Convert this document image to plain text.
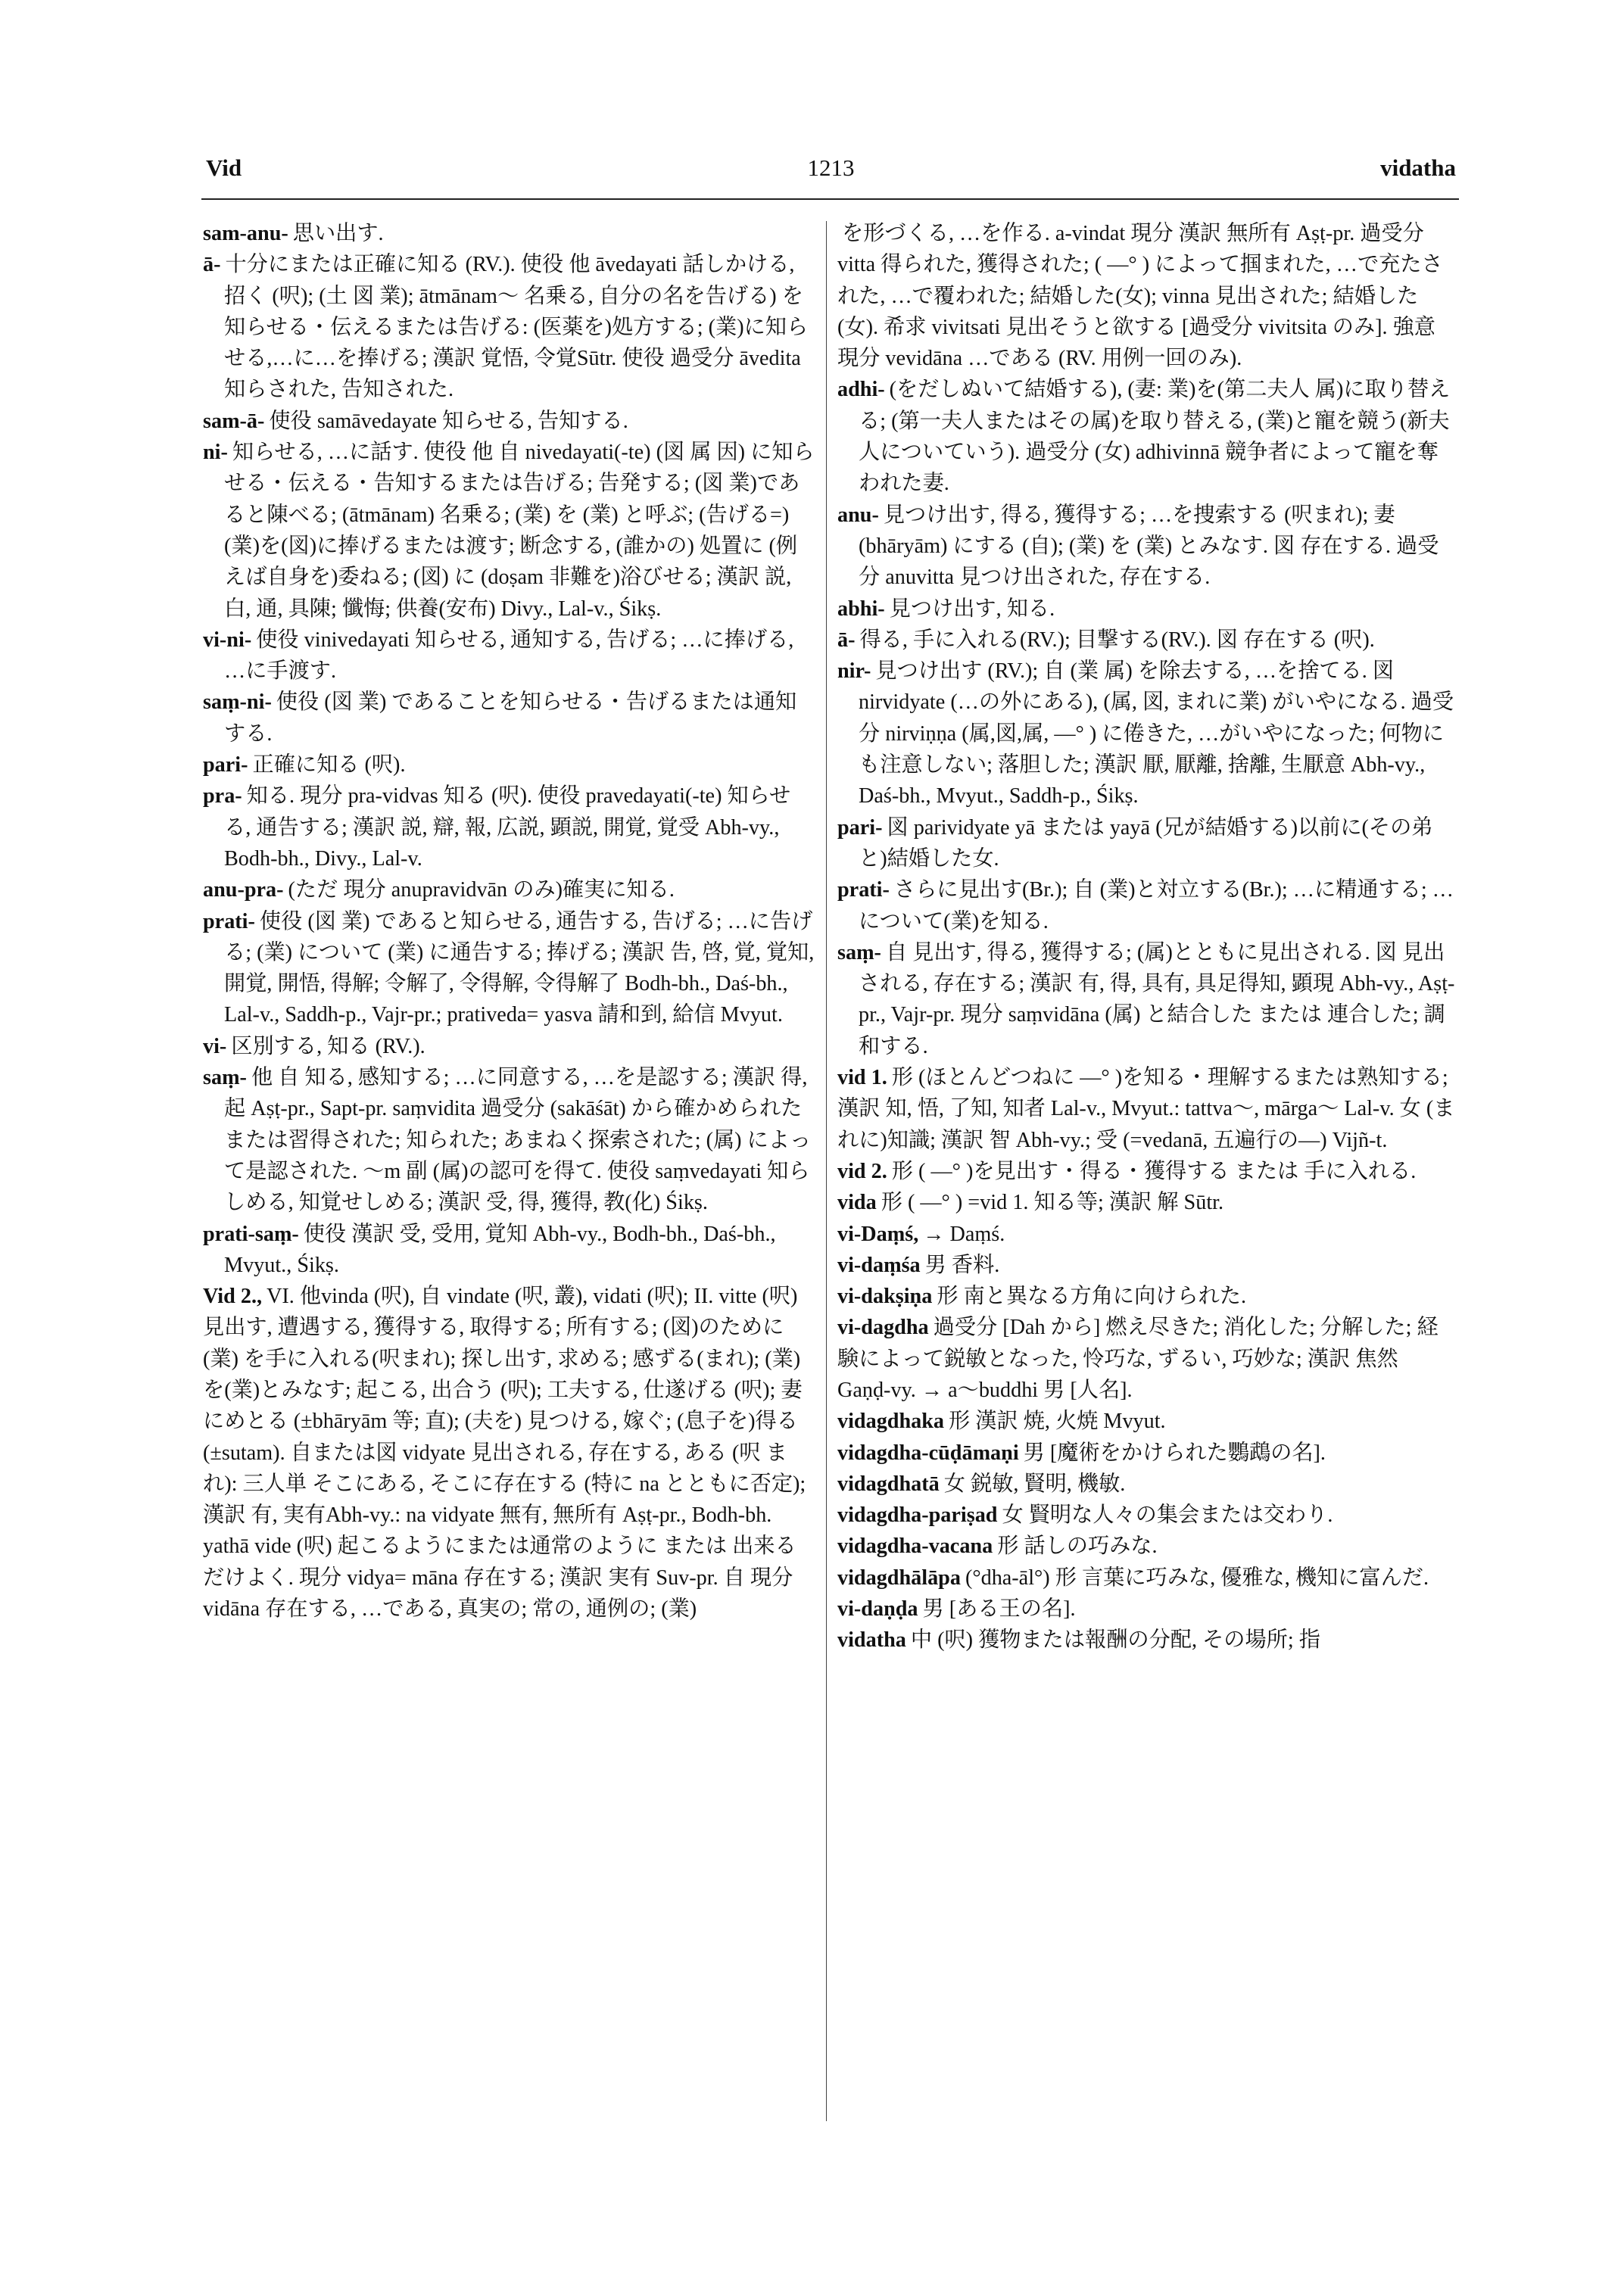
Vid	1213	vidatha

sam-anu- 思い出す.

ā- 十分にまたは正確に知る (RV.). 使役 他 āvedayati 話しかける, 招く (呎); (土 図 業); ātmānam～ 名乗る, 自分の名を告げる) を知らせる・伝えるまたは告げる: (医薬を)処方する; (業)に知らせる,…に…を捧げる; 漢訳 覚悟, 令覚Sūtr. 使役 過受分 āvedita 知らされた, 告知された.

sam-ā- 使役 samāvedayate 知らせる, 告知する.

ni- 知らせる, …に話す. 使役 他 自 nivedayati(-te) (図 属 因) に知らせる・伝える・告知するまたは告げる; 告発する; (図 業)であると陳べる; (ātmānam) 名乗る; (業) を (業) と呼ぶ; (告げる=)(業)を(図)に捧げるまたは渡す; 断念する, (誰かの) 処置に (例えば自身を)委ねる; (図) に (doṣam 非難を)浴びせる; 漢訳 説, 白, 通, 具陳; 懺悔; 供養(安布) Divy., Lal-v., Śikṣ.

vi-ni- 使役 vinivedayati 知らせる, 通知する, 告げる; …に捧げる, …に手渡す.

saṃ-ni- 使役 (図 業) であることを知らせる・告げるまたは通知する.

pari- 正確に知る (呎).

pra- 知る. 現分 pra-vidvas 知る (呎). 使役 pravedayati(-te) 知らせる, 通告する; 漢訳 説, 辯, 報, 広説, 顕説, 開覚, 覚受 Abh-vy., Bodh-bh., Divy., Lal-v.

anu-pra- (ただ 現分 anupravidvān のみ)確実に知る.

prati- 使役 (図 業) であると知らせる, 通告する, 告げる; …に告げる; (業) について (業) に通告する; 捧げる; 漢訳 告, 啓, 覚, 覚知, 開覚, 開悟, 得解; 令解了, 令得解, 令得解了 Bodh-bh., Daś-bh., Lal-v., Saddh-p., Vajr-pr.; prativeda= yasva 請和到, 給信 Mvyut.

vi- 区別する, 知る (RV.).

saṃ- 他 自 知る, 感知する; …に同意する, …を是認する; 漢訳 得, 起 Aṣṭ-pr., Sapt-pr. saṃvidita 過受分 (sakāśāt) から確かめられたまたは習得された; 知られた; あまねく探索された; (属) によって是認された. ～m 副 (属)の認可を得て. 使役 saṃvedayati 知らしめる, 知覚せしめる; 漢訳 受, 得, 獲得, 教(化) Śikṣ.

prati-saṃ- 使役 漢訳 受, 受用, 覚知 Abh-vy., Bodh-bh., Daś-bh., Mvyut., Śikṣ.

Vid 2., VI. 他vinda (呎), 自 vindate (呎, 叢), vidati (呎); II. vitte (呎) 見出す, 遭遇する, 獲得する, 取得する; 所有する; (図)のために(業) を手に入れる(呎まれ); 探し出す, 求める; 感ずる(まれ); (業)を(業)とみなす; 起こる, 出合う (呎); 工夫する, 仕遂げる (呎); 妻にめとる (±bhāryām 等; 直); (夫を) 見つける, 嫁ぐ; (息子を)得る(±sutam). 自または図 vidyate 見出される, 存在する, ある (呎 まれ): 三人単 そこにある, そこに存在する (特に na とともに否定); 漢訳 有, 実有Abh-vy.: na vidyate 無有, 無所有 Aṣṭ-pr., Bodh-bh. yathā vide (呎) 起こるようにまたは通常のように または 出来るだけよく. 現分 vidya= māna 存在する; 漢訳 実有 Suv-pr. 自 現分 vidāna 存在する, …である, 真実の; 常の, 通例の; (業)

を形づくる, …を作る. a-vindat 現分 漢訳 無所有 Aṣṭ-pr. 過受分 vitta 得られた, 獲得された; ( —° ) によって掴まれた, …で充たされた, …で覆われた; 結婚した(女); vinna 見出された; 結婚した (女). 希求 vivitsati 見出そうと欲する [過受分 vivitsita のみ]. 強意 現分 vevidāna …である (RV. 用例一回のみ).

adhi- (をだしぬいて結婚する), (妻: 業)を(第二夫人 属)に取り替える; (第一夫人またはその属)を取り替える, (業)と寵を競う(新夫人についていう). 過受分 (女) adhivinnā 競争者によって寵を奪われた妻.

anu- 見つけ出す, 得る, 獲得する; …を捜索する (呎まれ); 妻 (bhāryām) にする (自); (業) を (業) とみなす. 図 存在する. 過受分 anuvitta 見つけ出された, 存在する.

abhi- 見つけ出す, 知る.

ā- 得る, 手に入れる(RV.); 目撃する(RV.). 図 存在する (呎).

nir- 見つけ出す (RV.); 自 (業 属) を除去する, …を捨てる. 図 nirvidyate (…の外にある), (属, 図, まれに業) がいやになる. 過受分 nirviṇṇa (属,図,属, —° ) に倦きた, …がいやになった; 何物にも注意しない; 落胆した; 漢訳 厭, 厭離, 捨離, 生厭意 Abh-vy., Daś-bh., Mvyut., Saddh-p., Śikṣ.

pari- 図 parividyate yā または yayā (兄が結婚する)以前に(その弟と)結婚した女.

prati- さらに見出す(Br.); 自 (業)と対立する(Br.); …に精通する; …について(業)を知る.

saṃ- 自 見出す, 得る, 獲得する; (属)とともに見出される. 図 見出される, 存在する; 漢訳 有, 得, 具有, 具足得知, 顕現 Abh-vy., Aṣṭ-pr., Vajr-pr. 現分 saṃvidāna (属) と結合した または 連合した; 調和する.

vid 1. 形 (ほとんどつねに —° )を知る・理解するまたは熟知する; 漢訳 知, 悟, 了知, 知者 Lal-v., Mvyut.: tattva～, mārga～ Lal-v. 女 (まれに)知識; 漢訳 智 Abh-vy.; 受 (=vedanā, 五遍行の—) Vijñ-t.

vid 2. 形 ( —° )を見出す・得る・獲得する または 手に入れる.

vida 形 ( —° ) =vid 1. 知る等; 漢訳 解 Sūtr.

vi-Daṃś, → Daṃś.

vi-daṃśa 男 香料.

vi-dakṣiṇa 形 南と異なる方角に向けられた.

vi-dagdha 過受分 [Dah から] 燃え尽きた; 消化した; 分解した; 経験によって鋭敏となった, 怜巧な, ずるい, 巧妙な; 漢訳 焦然 Gaṇḍ-vy. → a～buddhi 男 [人名].

vidagdhaka 形 漢訳 焼, 火焼 Mvyut.

vidagdha-cūḍāmaṇi 男 [魔術をかけられた鸚鵡の名].

vidagdhatā 女 鋭敏, 賢明, 機敏.

vidagdha-pariṣad 女 賢明な人々の集会または交わり.

vidagdha-vacana 形 話しの巧みな.

vidagdhālāpa (°dha-āl°) 形 言葉に巧みな, 優雅な, 機知に富んだ.

vi-daṇḍa 男 [ある王の名].

vidatha 中 (呎) 獲物または報酬の分配, その場所; 指
